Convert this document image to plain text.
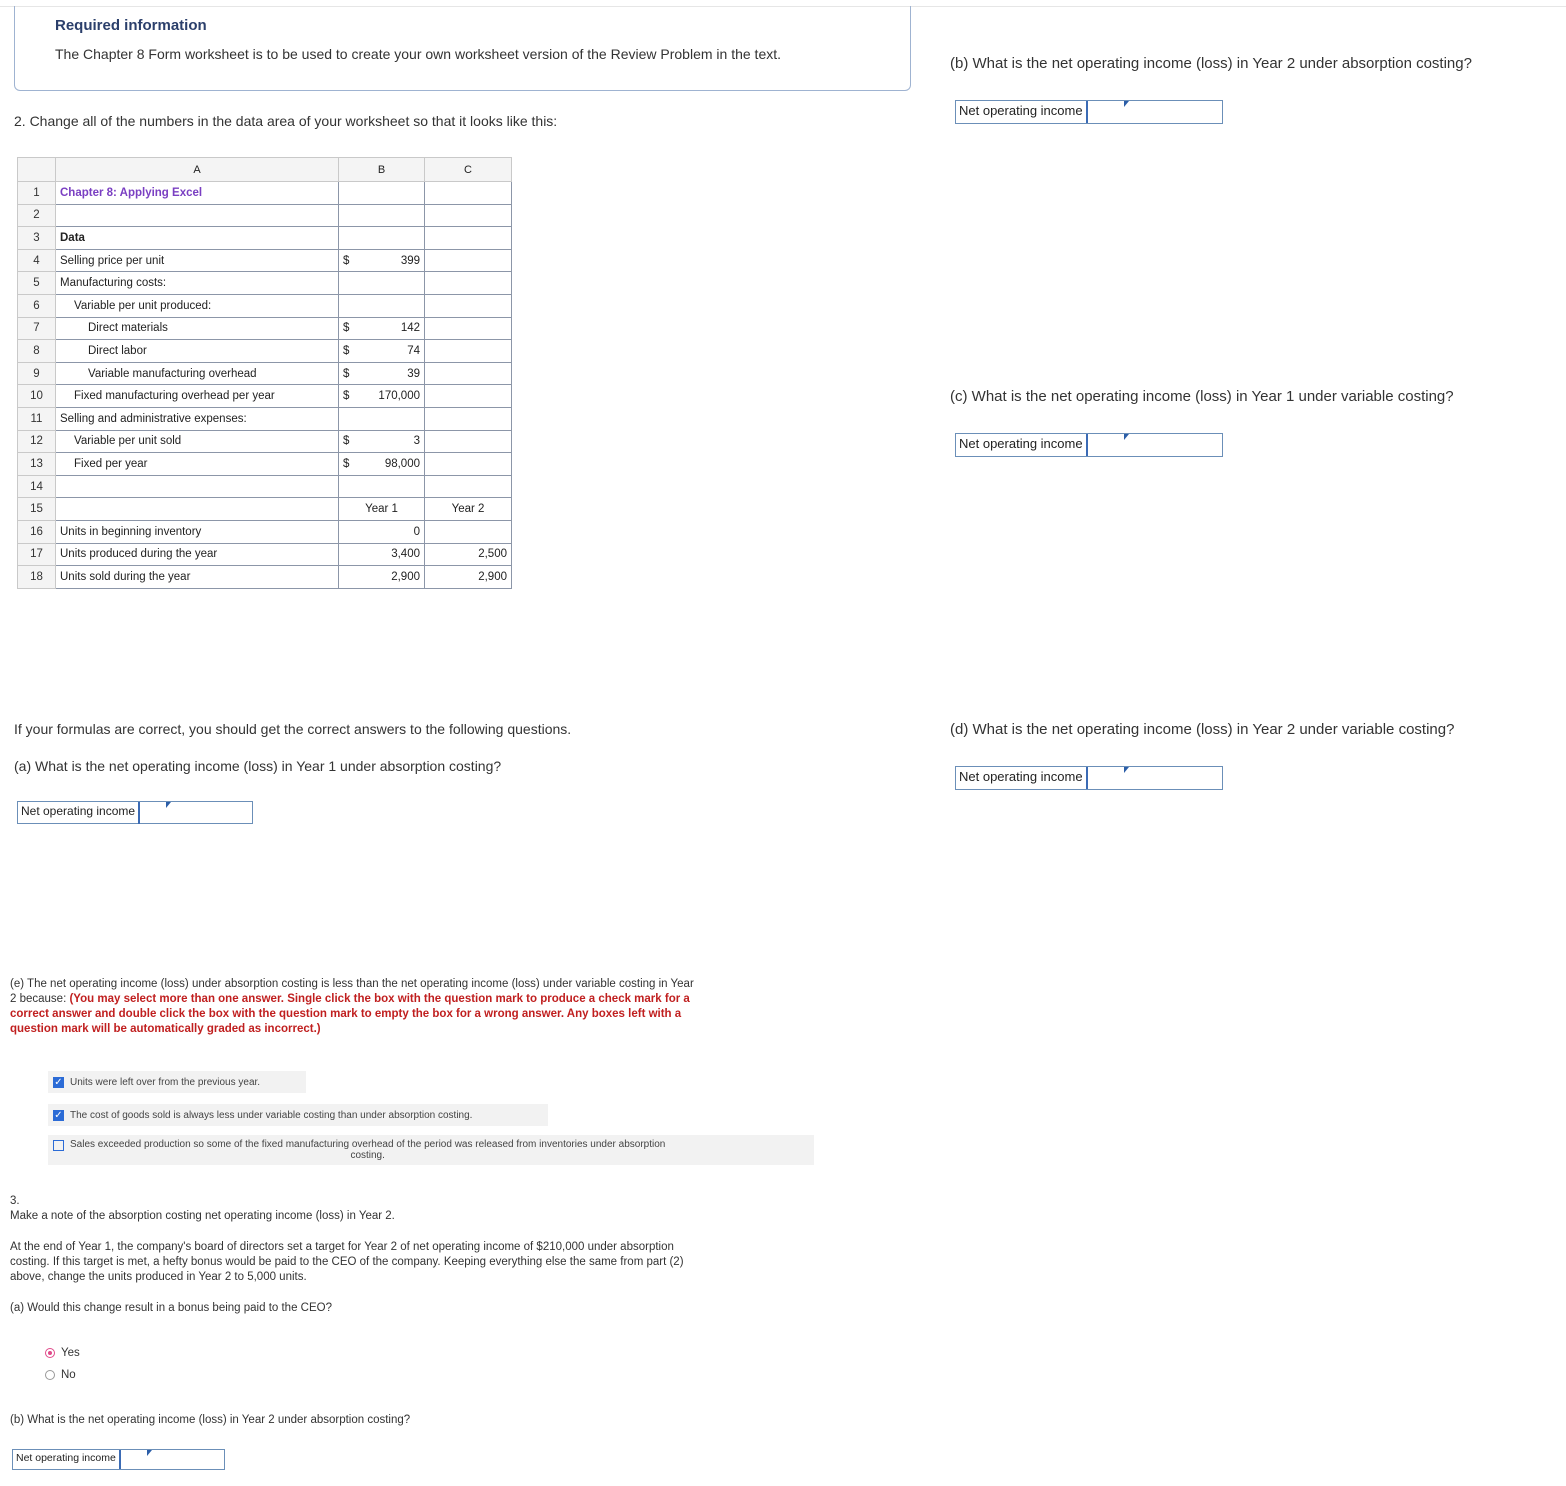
Required information
The Chapter 8 Form worksheet is to be used to create your own worksheet version of the Review Problem in the text.
2. Change all of the numbers in the data area of your worksheet so that it looks like this:
	A	B	C
1	Chapter 8: Applying Excel	

2		

3	Data	

4	Selling price per unit	$ 399	
5	Manufacturing costs:	

6	Variable per unit produced:	

7	Direct materials	$ 142	
8	Direct labor	$ 74	
9	Variable manufacturing overhead	$ 39	
10	Fixed manufacturing overhead per year	$ 170,000	
11	Selling and administrative expenses:	

12	Variable per unit sold	$ 3	
13	Fixed per year	$ 98,000	
14		

15		Year 1	Year 2
16	Units in beginning inventory	0	
17	Units produced during the year	3,400	2,500
18	Units sold during the year	2,900	2,900
(b) What is the net operating income (loss) in Year 2 under absorption costing?
Net operating income
(c) What is the net operating income (loss) in Year 1 under variable costing?
Net operating income
(d) What is the net operating income (loss) in Year 2 under variable costing?
Net operating income
If your formulas are correct, you should get the correct answers to the following questions.
(a) What is the net operating income (loss) in Year 1 under absorption costing?
Net operating income
(e) The net operating income (loss) under absorption costing is less than the net operating income (loss) under variable costing in Year
2 because: (You may select more than one answer. Single click the box with the question mark to produce a check mark for a
correct answer and double click the box with the question mark to empty the box for a wrong answer. Any boxes left with a
question mark will be automatically graded as incorrect.)
✓ Units were left over from the previous year.
✓ The cost of goods sold is always less under variable costing than under absorption costing.
Sales exceeded production so some of the fixed manufacturing overhead of the period was released from inventories under absorption
costing.
3.
Make a note of the absorption costing net operating income (loss) in Year 2.
At the end of Year 1, the company's board of directors set a target for Year 2 of net operating income of $210,000 under absorption
costing. If this target is met, a hefty bonus would be paid to the CEO of the company. Keeping everything else the same from part (2)
above, change the units produced in Year 2 to 5,000 units.
(a) Would this change result in a bonus being paid to the CEO?
Yes
No
(b) What is the net operating income (loss) in Year 2 under absorption costing?
Net operating income
